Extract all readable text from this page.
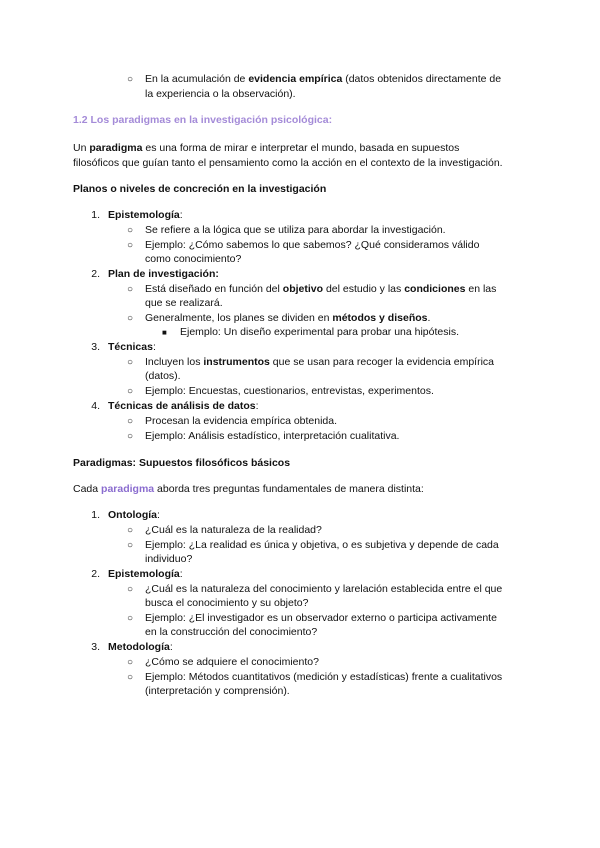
○ En la acumulación de evidencia empírica (datos obtenidos directamente de
la experiencia o la observación).
1.2 Los paradigmas en la investigación psicológica:
Un paradigma es una forma de mirar e interpretar el mundo, basada en supuestos
filosóficos que guían tanto el pensamiento como la acción en el contexto de la investigación.
Planos o niveles de concreción en la investigación
1. Epistemología:
○ Se refiere a la lógica que se utiliza para abordar la investigación.
○ Ejemplo: ¿Cómo sabemos lo que sabemos? ¿Qué consideramos válido
como conocimiento?
2. Plan de investigación:
○ Está diseñado en función del objetivo del estudio y las condiciones en las
que se realizará.
○ Generalmente, los planes se dividen en métodos y diseños.
■ Ejemplo: Un diseño experimental para probar una hipótesis.
3. Técnicas:
○ Incluyen los instrumentos que se usan para recoger la evidencia empírica
(datos).
○ Ejemplo: Encuestas, cuestionarios, entrevistas, experimentos.
4. Técnicas de análisis de datos:
○ Procesan la evidencia empírica obtenida.
○ Ejemplo: Análisis estadístico, interpretación cualitativa.
Paradigmas: Supuestos filosóficos básicos
Cada paradigma aborda tres preguntas fundamentales de manera distinta:
1. Ontología:
○ ¿Cuál es la naturaleza de la realidad?
○ Ejemplo: ¿La realidad es única y objetiva, o es subjetiva y depende de cada
individuo?
2. Epistemología:
○ ¿Cuál es la naturaleza del conocimiento y larelación establecida entre el que
busca el conocimiento y su objeto?
○ Ejemplo: ¿El investigador es un observador externo o participa activamente
en la construcción del conocimiento?
3. Metodología:
○ ¿Cómo se adquiere el conocimiento?
○ Ejemplo: Métodos cuantitativos (medición y estadísticas) frente a cualitativos
(interpretación y comprensión).
